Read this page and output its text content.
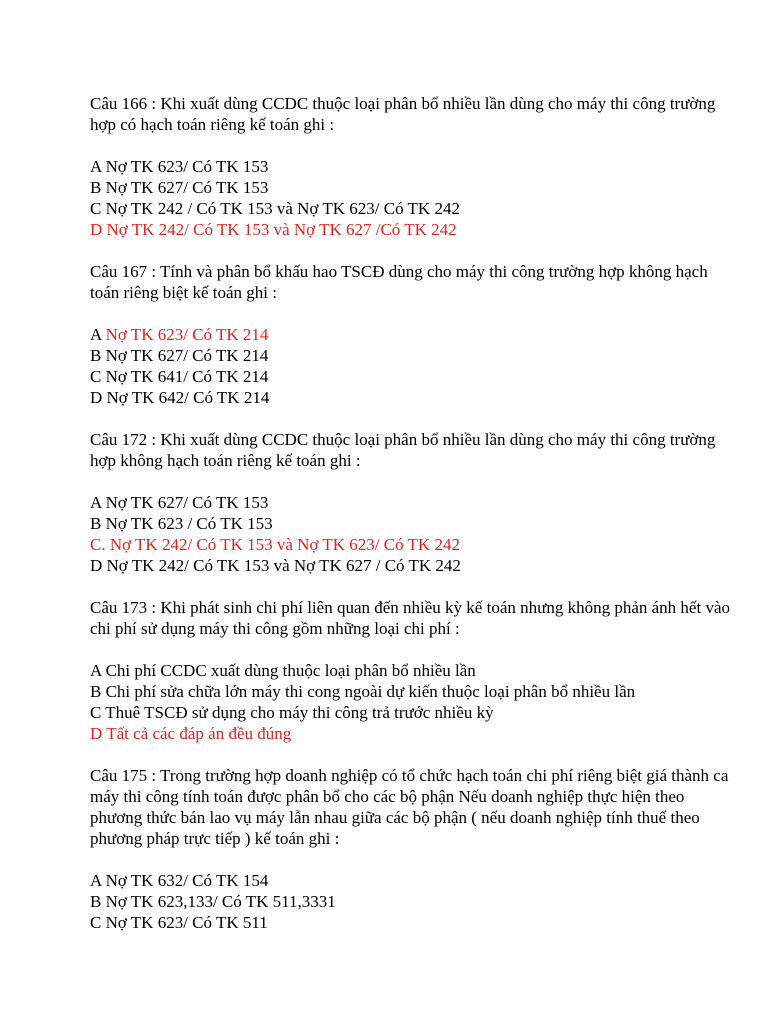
Câu 166 : Khi xuất dùng CCDC thuộc loại phân bổ nhiều lần dùng cho máy thi công trường hợp có hạch toán riêng kế toán ghi :

A Nợ TK 623/ Có TK 153
B Nợ TK 627/ Có TK 153
C Nợ TK 242 / Có TK 153 và Nợ TK 623/ Có TK 242
D Nợ TK 242/ Có TK 153 và Nợ TK 627 /Có TK 242

Câu 167 : Tính và phân bổ khấu hao TSCĐ dùng cho máy thi công trường hợp không hạch toán riêng biệt kế toán ghi :

A Nợ TK 623/ Có TK 214
B Nợ TK 627/ Có TK 214
C Nợ TK 641/ Có TK 214
D Nợ TK 642/ Có TK 214

Câu 172 : Khi xuất dùng CCDC thuộc loại phân bổ nhiều lần dùng cho máy thi công trường hợp không hạch toán riêng kế toán ghi :

A Nợ TK 627/ Có TK 153
B Nợ TK 623 / Có TK 153
C. Nợ TK 242/ Có TK 153 và Nợ TK 623/ Có TK 242
D Nợ TK 242/ Có TK 153 và Nợ TK 627 / Có TK 242

Câu 173 : Khi phát sinh chi phí liên quan đến nhiều kỳ kế toán nhưng không phản ánh hết vào chi phí sử dụng máy thi công gồm những loại chi phí :

A Chi phí CCDC xuất dùng thuộc loại phân bổ nhiều lần
B Chi phí sửa chữa lớn máy thi cong ngoài dự kiến thuộc loại phân bổ nhiều lần
C Thuê TSCĐ sử dụng cho máy thi công trả trước nhiều kỳ
D Tất cả các đáp án đều đúng

Câu 175 : Trong trường hợp doanh nghiệp có tổ chức hạch toán chi phí riêng biệt giá thành ca máy thi công tính toán được phân bổ cho các bộ phận Nếu doanh nghiệp thực hiện theo phương thức bán lao vụ máy lẫn nhau giữa các bộ phận ( nếu doanh nghiệp tính thuế theo phương pháp trực tiếp ) kế toán ghi :

A Nợ TK 632/ Có TK 154
B Nợ TK 623,133/ Có TK 511,3331
C Nợ TK 623/ Có TK 511
